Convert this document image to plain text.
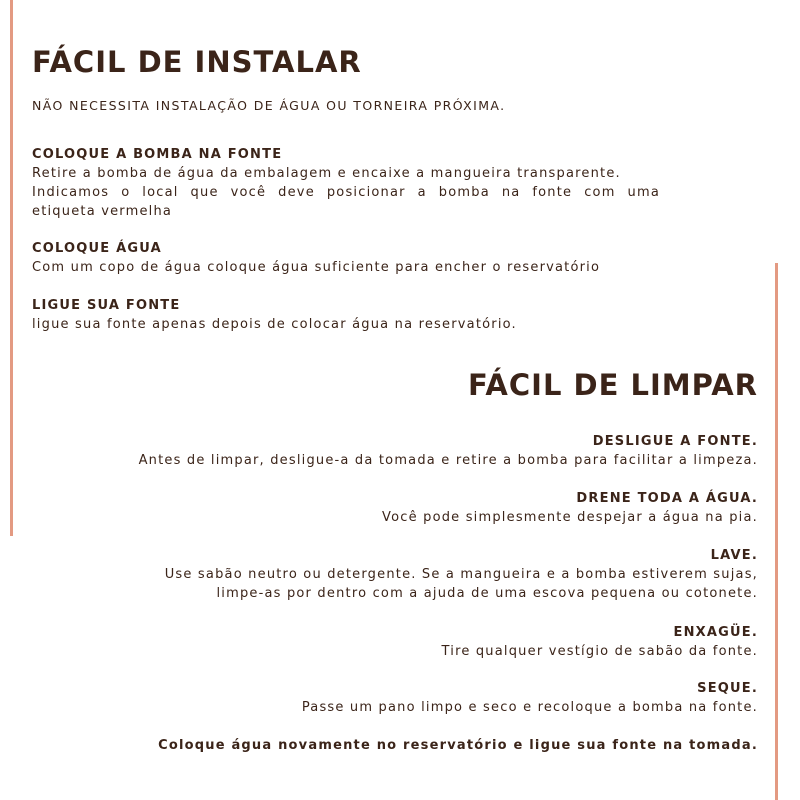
FÁCIL DE INSTALAR
NÃO NECESSITA INSTALAÇÃO DE ÁGUA OU TORNEIRA PRÓXIMA.
COLOQUE A BOMBA NA FONTE
Retire a bomba de água da embalagem e encaixe a mangueira transparente.
Indicamos o local que você deve posicionar a bomba na fonte com uma
etiqueta vermelha
COLOQUE ÁGUA
Com um copo de água coloque água suficiente para encher o reservatório
LIGUE SUA FONTE
ligue sua fonte apenas depois de colocar água na reservatório.
FÁCIL DE LIMPAR
DESLIGUE A FONTE.
Antes de limpar, desligue-a da tomada e retire a bomba para facilitar a limpeza.
DRENE TODA A ÁGUA.
Você pode simplesmente despejar a água na pia.
LAVE.
Use sabão neutro ou detergente. Se a mangueira e a bomba estiverem sujas,
limpe-as por dentro com a ajuda de uma escova pequena ou cotonete.
ENXAGÜE.
Tire qualquer vestígio de sabão da fonte.
SEQUE.
Passe um pano limpo e seco e recoloque a bomba na fonte.
Coloque água novamente no reservatório e ligue sua fonte na tomada.
